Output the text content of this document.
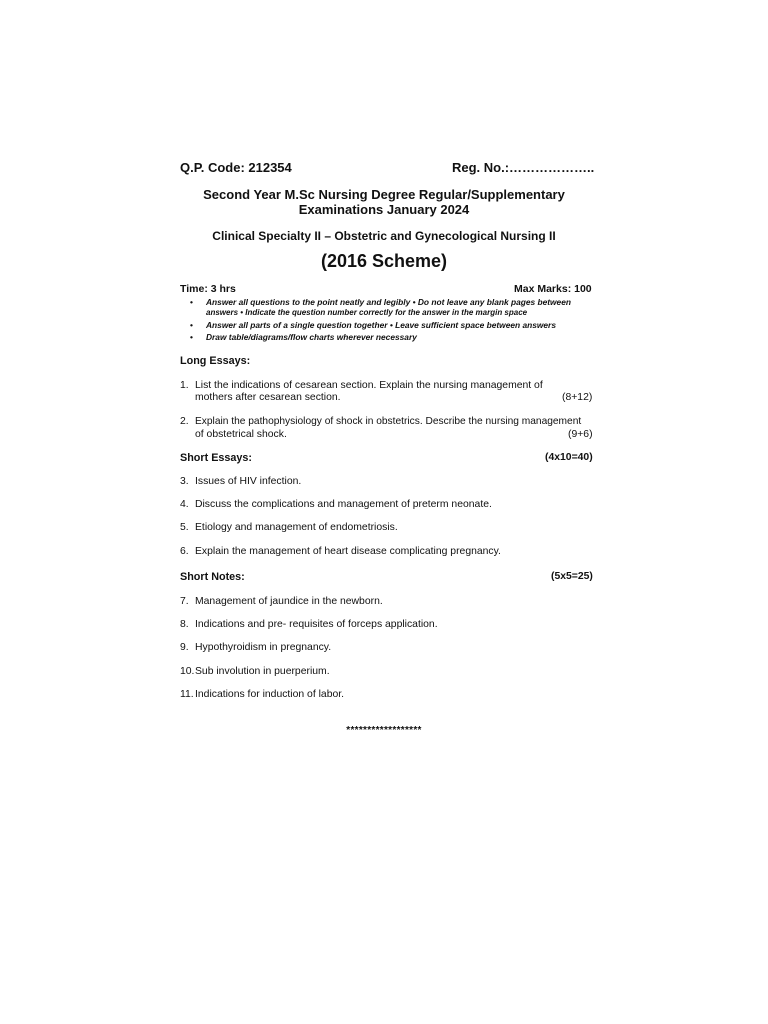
Q.P. Code: 212354	Reg. No.:………………..
Second Year M.Sc Nursing Degree Regular/Supplementary
Examinations January 2024
Clinical Specialty II – Obstetric and Gynecological Nursing II
(2016 Scheme)
Time: 3 hrs	Max Marks: 100
• Answer all questions to the point neatly and legibly • Do not leave any blank pages between
answers • Indicate the question number correctly for the answer in the margin space
• Answer all parts of a single question together • Leave sufficient space between answers
• Draw table/diagrams/flow charts wherever necessary
Long Essays:
1. List the indications of cesarean section. Explain the nursing management of
mothers after cesarean section.	(8+12)
2. Explain the pathophysiology of shock in obstetrics. Describe the nursing management
of obstetrical shock.	(9+6)
Short Essays:	(4x10=40)
3. Issues of HIV infection.
4. Discuss the complications and management of preterm neonate.
5. Etiology and management of endometriosis.
6. Explain the management of heart disease complicating pregnancy.
Short Notes:	(5x5=25)
7. Management of jaundice in the newborn.
8. Indications and pre- requisites of forceps application.
9. Hypothyroidism in pregnancy.
10.Sub involution in puerperium.
11.Indications for induction of labor.
******************
